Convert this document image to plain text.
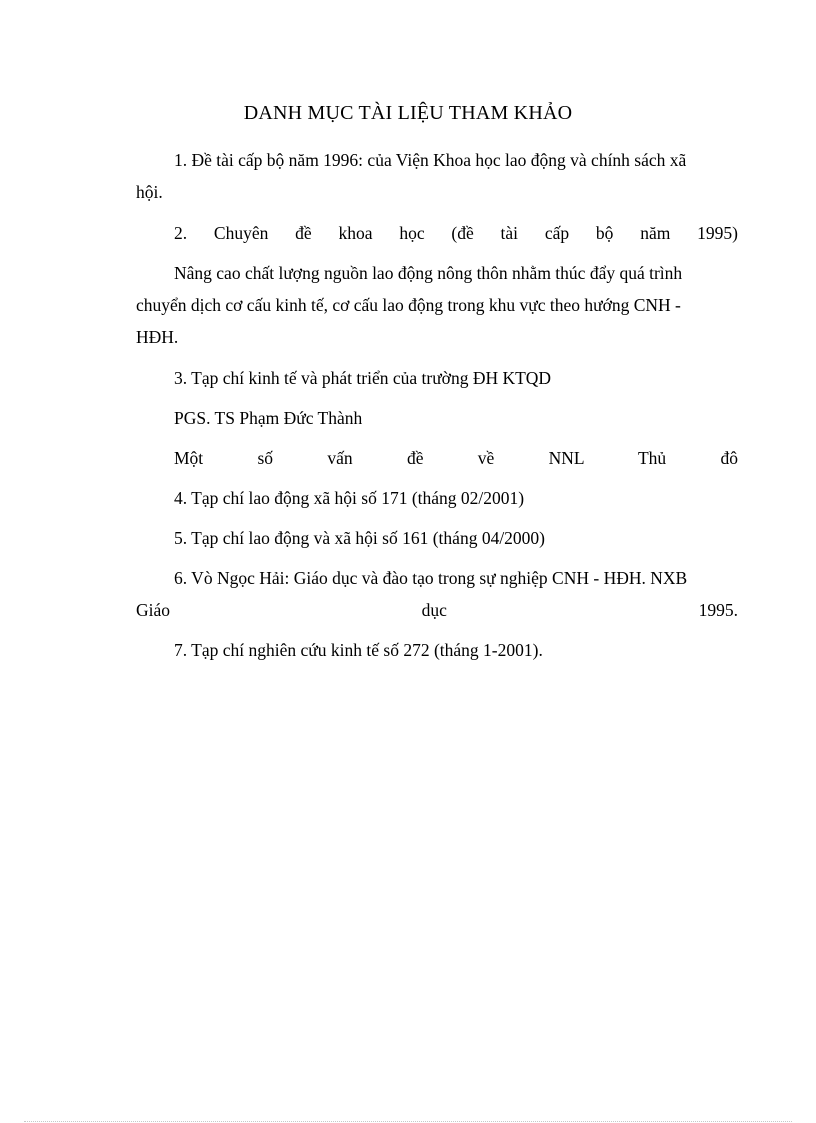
DANH MỤC TÀI LIỆU THAM KHẢO

1. Đề tài cấp bộ năm 1996: của Viện Khoa học lao động và chính sách xã

hội.

2. Chuyên đề khoa học (đề tài cấp bộ năm 1995)

Nâng cao chất lượng nguồn lao động nông thôn nhằm thúc đẩy quá trình

chuyển dịch cơ cấu kinh tế, cơ cấu lao động trong khu vực theo hướng CNH -

HĐH.

3. Tạp chí kinh tế và phát triển của trường ĐH KTQD

PGS. TS Phạm Đức Thành

Một số vấn đề về NNL Thủ đô

4. Tạp chí lao động xã hội số 171 (tháng 02/2001)

5. Tạp chí lao động và xã hội số 161 (tháng 04/2000)

6. Vò Ngọc Hải: Giáo dục và đào tạo trong sự nghiệp CNH - HĐH. NXB

Giáo dục 1995.

7. Tạp chí nghiên cứu kinh tế số 272 (tháng 1-2001).
